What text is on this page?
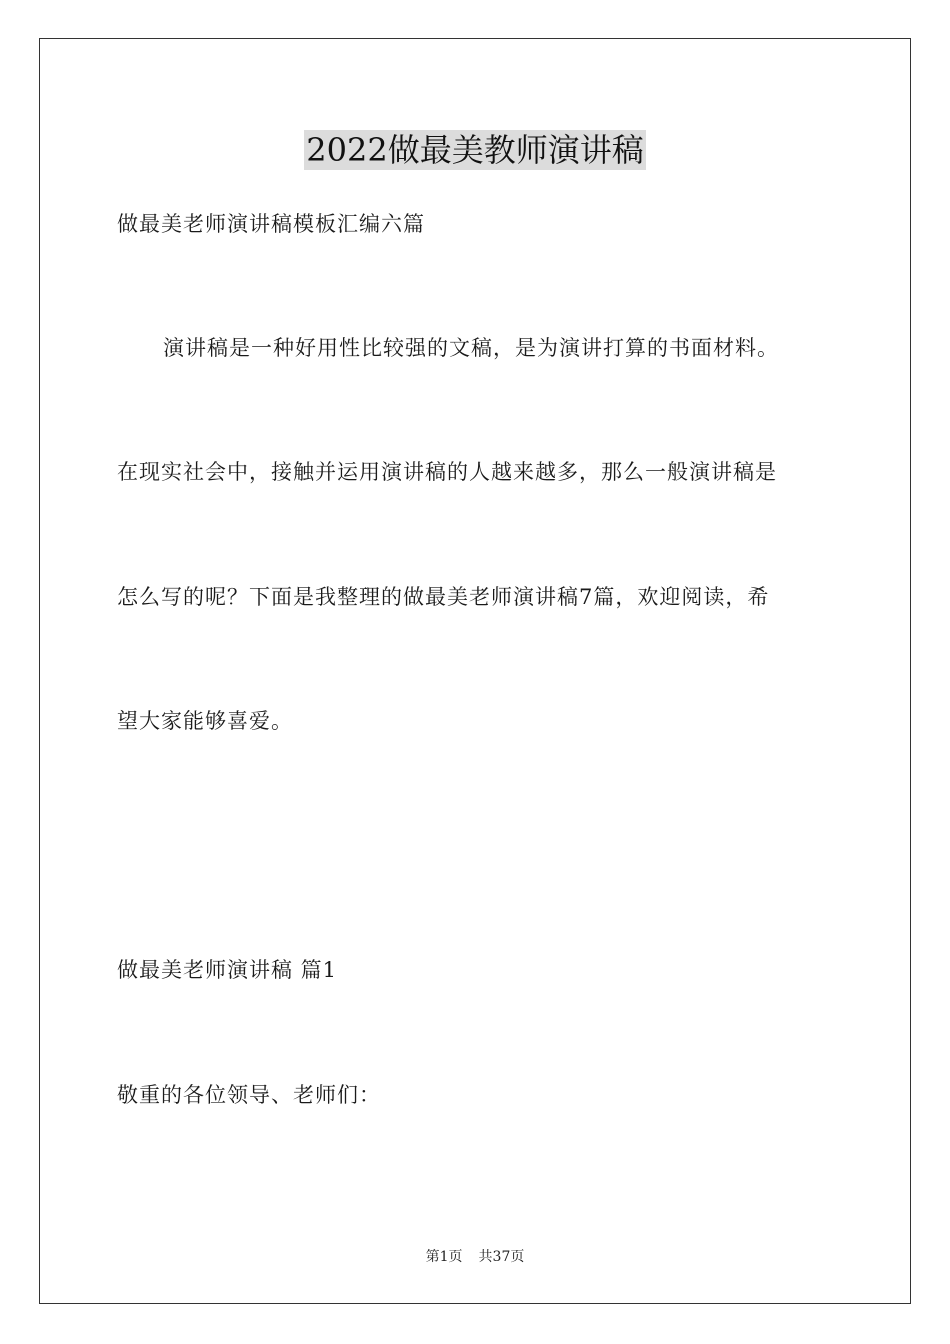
2022做最美教师演讲稿
做最美老师演讲稿模板汇编六篇
演讲稿是一种好用性比较强的文稿，是为演讲打算的书面材料。
在现实社会中，接触并运用演讲稿的人越来越多，那么一般演讲稿是
怎么写的呢？下面是我整理的做最美老师演讲稿7篇，欢迎阅读，希
望大家能够喜爱。
做最美老师演讲稿 篇1
敬重的各位领导、老师们：
第1页 共37页
